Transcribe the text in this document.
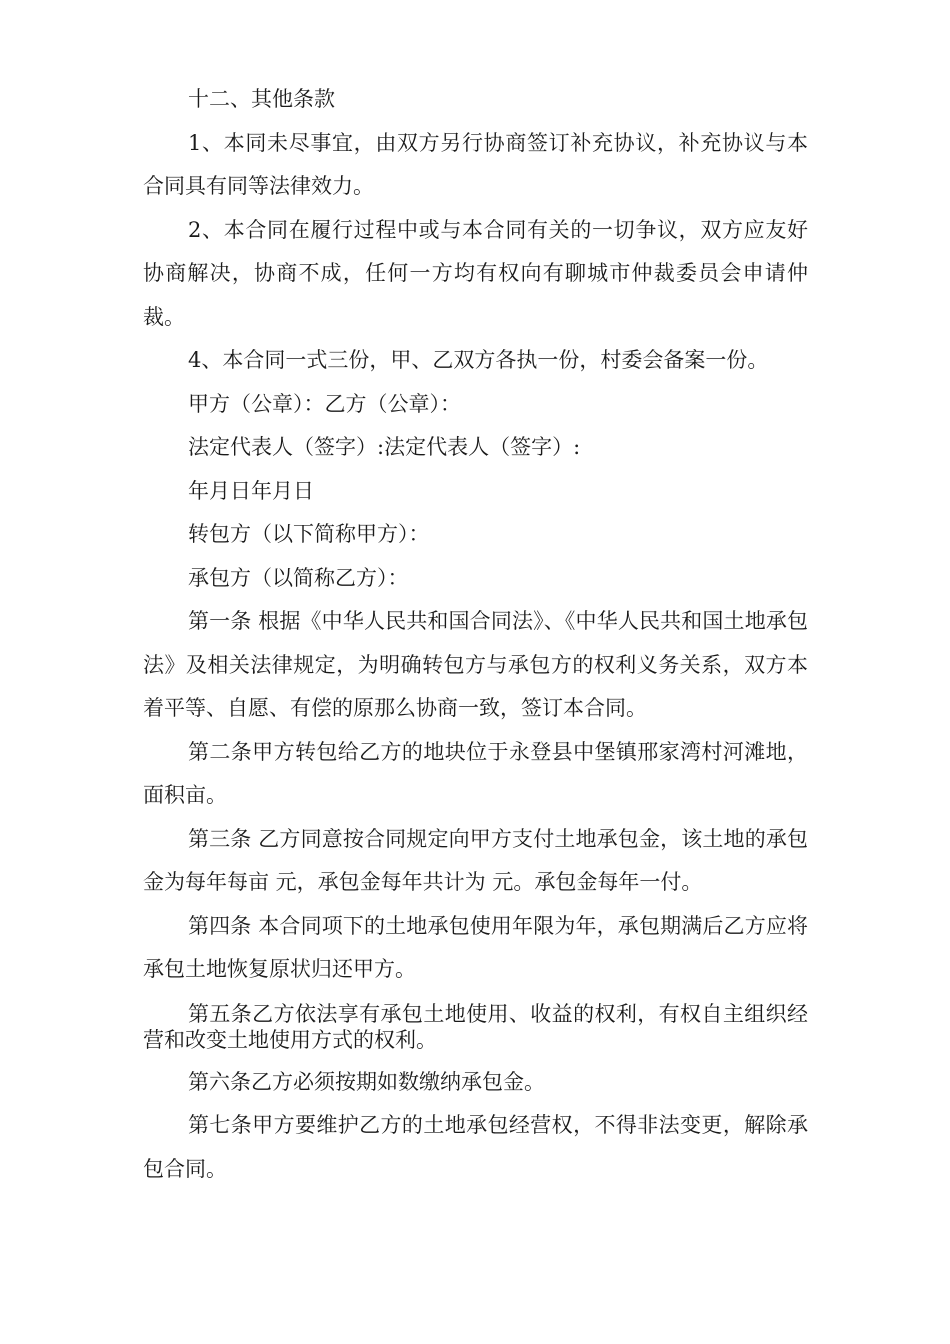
十二、其他条款

1、本同未尽事宜，由双方另行协商签订补充协议，补充协议与本合同具有同等法律效力。

2、本合同在履行过程中或与本合同有关的一切争议，双方应友好协商解决，协商不成，任何一方均有权向有聊城市仲裁委员会申请仲裁。

4、本合同一式三份，甲、乙双方各执一份，村委会备案一份。

甲方（公章）：乙方（公章）：

法定代表人（签字）:法定代表人（签字）:

年月日年月日

转包方（以下简称甲方）：

承包方（以简称乙方）：

第一条 根据《中华人民共和国合同法》、《中华人民共和国土地承包法》及相关法律规定，为明确转包方与承包方的权利义务关系，双方本着平等、自愿、有偿的原那么协商一致，签订本合同。

第二条甲方转包给乙方的地块位于永登县中堡镇邢家湾村河滩地，面积亩。

第三条 乙方同意按合同规定向甲方支付土地承包金，该土地的承包金为每年每亩 元，承包金每年共计为 元。承包金每年一付。

第四条 本合同项下的土地承包使用年限为年，承包期满后乙方应将承包土地恢复原状归还甲方。

第五条乙方依法享有承包土地使用、收益的权利，有权自主组织经营和改变土地使用方式的权利。

第六条乙方必须按期如数缴纳承包金。

第七条甲方要维护乙方的土地承包经营权，不得非法变更，解除承包合同。
